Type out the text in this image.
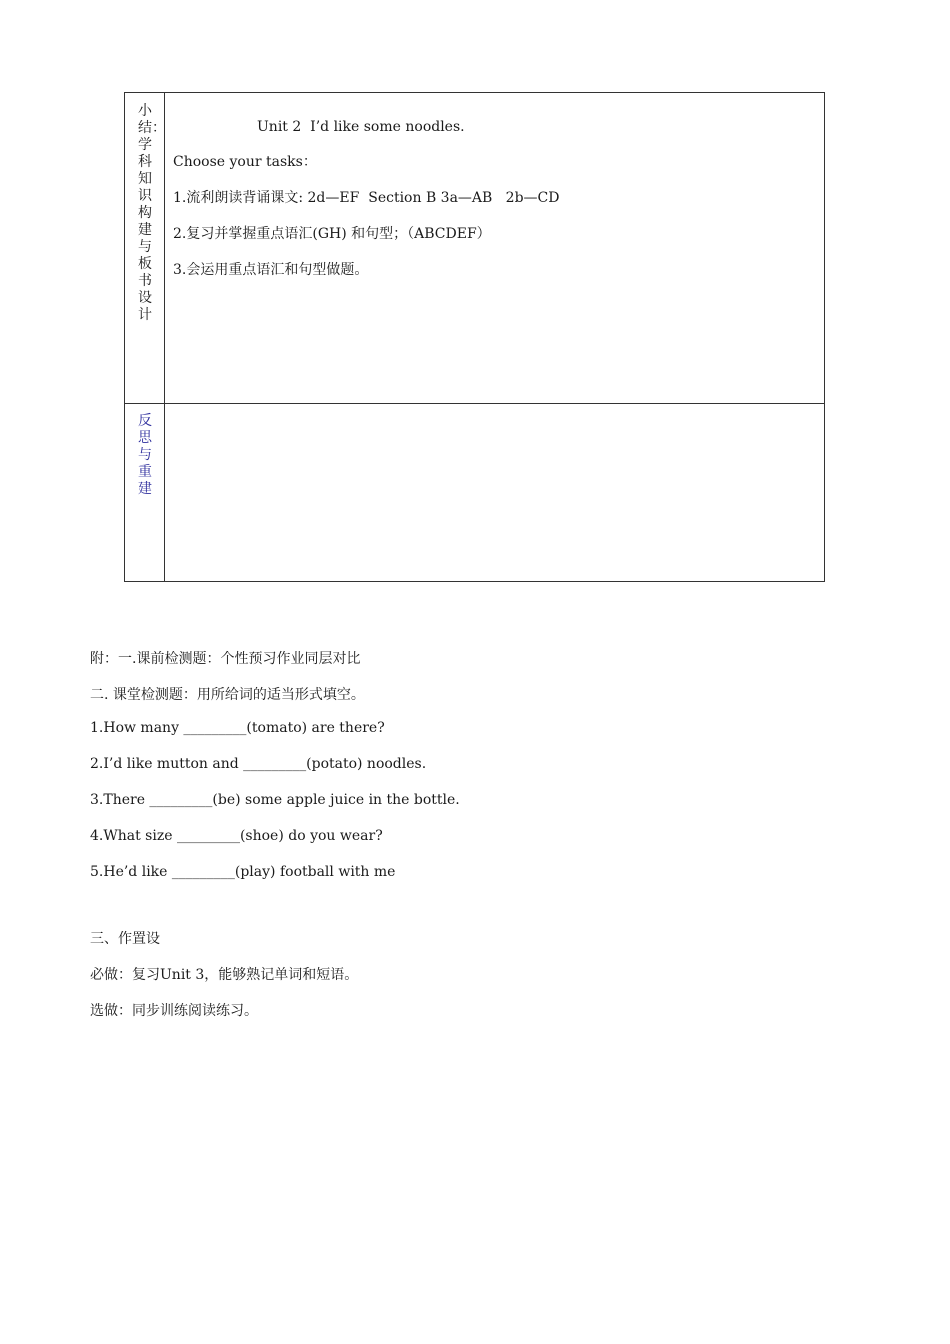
小结：学科知识构建与板书设计
Unit 2  I’d like some noodles.
Choose your tasks：
1.流利朗读背诵课文: 2d—EF  Section B 3a—AB   2b—CD
2.复习并掌握重点语汇(GH) 和句型；（ABCDEF）
3.会运用重点语汇和句型做题。
反思与重建
附：一.课前检测题：个性预习作业同层对比
二. 课堂检测题：用所给词的适当形式填空。
1.How many _________(tomato) are there?
2.I’d like mutton and _________(potato) noodles.
3.There _________(be) some apple juice in the bottle.
4.What size _________(shoe) do you wear?
5.He’d like _________(play) football with me
三、作置设
必做：复习Unit 3，能够熟记单词和短语。
选做：同步训练阅读练习。
